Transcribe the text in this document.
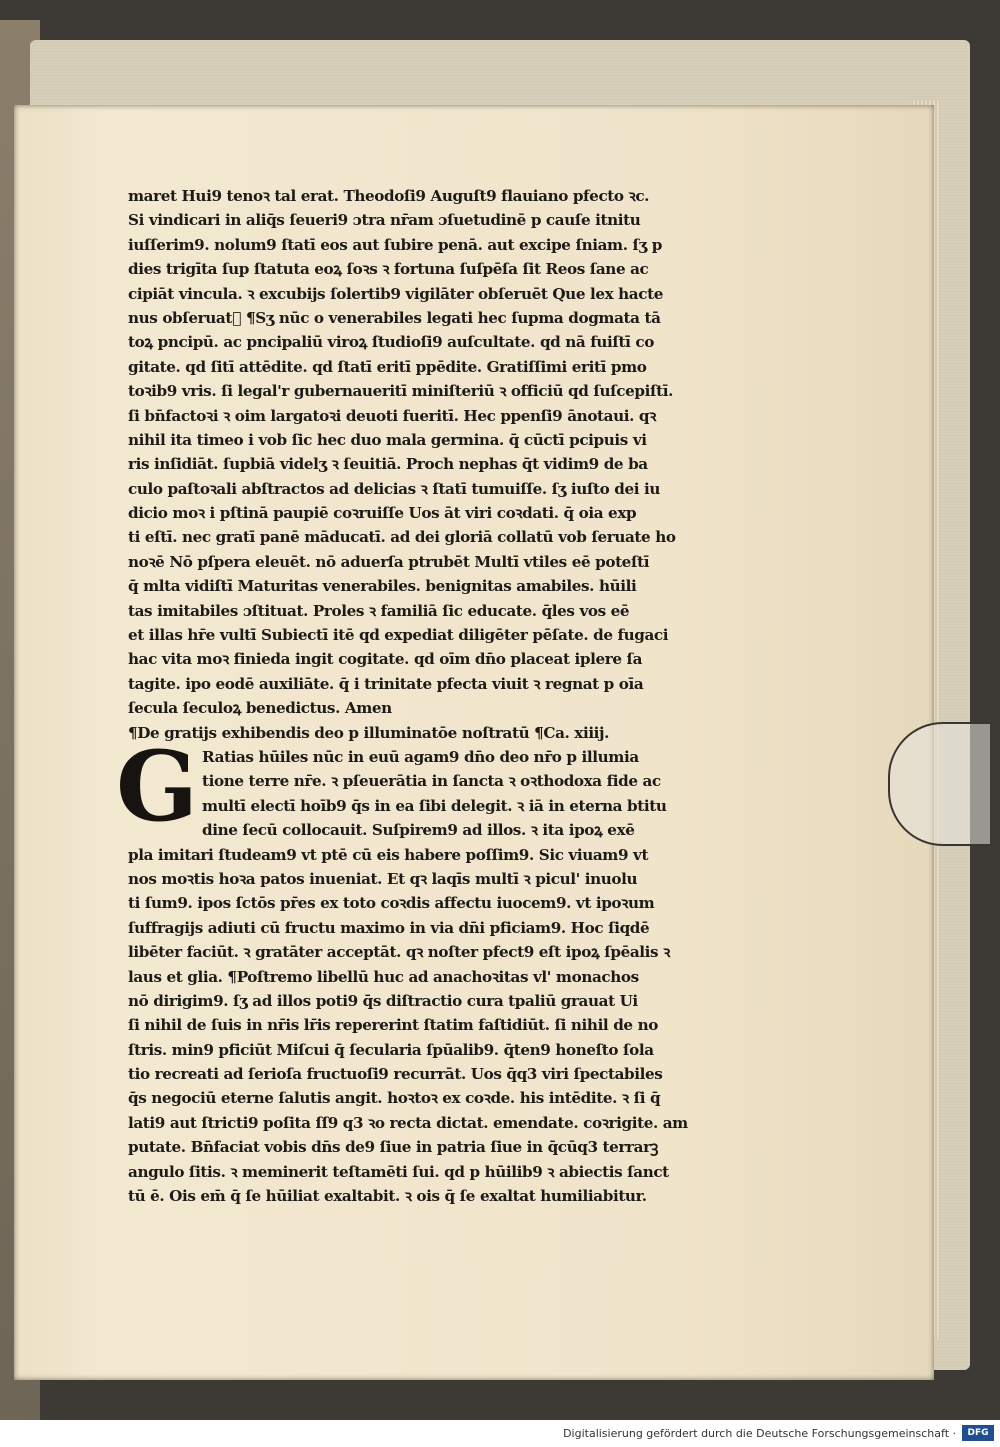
maret Hui9 tenoꝛ tal erat. Theodoſi9 Auguſt9 flauiano pfecto ꝛc.

Si vindicari in aliq̄s ſeueri9 ɔtra nr̄am ɔſuetudinē p cauſe itnitu

iuſſerim9. nolum9 ſtatī eos aut ſubire penā. aut excipe ſniam. ſʒ p

dies trigīta ſup ſtatuta eoꝝ ſoꝛs ꝛ fortuna ſuſpēſa ſit Reos ſane ac

cipiāt vincula. ꝛ excubijs ſolertib9 vigilāter obſeruēt Que lex hacte

nus obſeruatᷓ ¶Sʒ nūc o venerabiles legati hec ſupma dogmata tā

toꝝ pncipū. ac pncipaliū viroꝝ ſtudioſi9 auſcultate. qd nā fuiſtī co

gitate. qd ſitī attēdite. qd ſtatī eritī ppēdite. Gratiſſimi eritī pmo

toꝛib9 vris. ſi legal'r gubernaueritī miniſteriū ꝛ officiū qd ſuſcepiſtī.

ſi bn̄factoꝛi ꝛ oim largatoꝛi deuoti fueritī. Hec ppenſi9 ānotaui. qꝛ

nihil ita timeo i vob ſic hec duo mala germina. q̄ cūctī pcipuis vi

ris inſidiāt. ſupbiā videlʒ ꝛ ſeuitiā. Proch nephas q̄t vidim9 de ba

culo paſtoꝛali abſtractos ad delicias ꝛ ſtatī tumuiſſe. ſʒ iuſto dei iu

dicio moꝛ i pſtinā paupiē coꝛruiſſe Uos āt viri coꝛdati. q̄ oia exp

ti eſtī. nec gratī panē māducatī. ad dei gloriā collatū vob ſeruate ho

noꝛē Nō pſpera eleuēt. nō aduerſa ptrubēt Multī vtiles eē poteſtī

q̄ mlta vidiſtī Maturitas venerabiles. benignitas amabiles. hūili

tas imitabiles ɔſtituat. Proles ꝛ familiā ſic educate. q̄les vos eē

et illas hr̄e vultī Subiectī itē qd expediat diligēter pēſate. de fugaci

hac vita moꝛ finieda ingit cogitate. qd oīm dn̄o placeat iplere ſa

tagite. ipo eodē auxiliāte. q̄ i trinitate pfecta viuit ꝛ regnat p oīa

ſecula ſeculoꝝ benedictus. Amen

¶De gratijs exhibendis deo p illuminatōe noſtratū ¶Ca. xiiij.

Ratias hūiles nūc in euū agam9 dn̄o deo nr̄o p illumia

tione terre nr̄e. ꝛ pſeuerātia in ſancta ꝛ oꝛthodoxa fide ac

multī electī hoīb9 q̄s in ea ſibi delegit. ꝛ iā in eterna btitu

dine ſecū collocauit. Suſpirem9 ad illos. ꝛ ita ipoꝝ exē

pla imitari ſtudeam9 vt ptē cū eis habere poſſim9. Sic viuam9 vt

nos moꝛtis hoꝛa patos inueniat. Et qꝛ laqīs multī ꝛ picul' inuolu

ti ſum9. ipos ſctōs pr̄es ex toto coꝛdis affectu iuocem9. vt ipoꝛum

ſuffragijs adiuti cū fructu maximo in via dn̄i pficiam9. Hoc ſiqdē

libēter faciūt. ꝛ gratāter acceptāt. qꝛ noſter pfect9 eſt ipoꝝ ſpēalis ꝛ

laus et glia. ¶Poſtremo libellū huc ad anachoꝛitas vl' monachos

nō dirigim9. ſʒ ad illos poti9 q̄s diſtractio cura tpaliū grauat Ui

ſi nihil de ſuis in nr̄is lr̄is repererint ſtatim faſtidiūt. ſi nihil de no

ſtris. min9 pficiūt Miſcui q̄ ſecularia ſpūalib9. q̄ten9 honeſto ſola

tio recreati ad ſerioſa fructuoſi9 recurrāt. Uos q̄q3 viri ſpectabiles

q̄s negociū eterne ſalutis angit. hoꝛtoꝛ ex coꝛde. his intēdite. ꝛ ſi q̄

lati9 aut ſtricti9 poſita ſſ9 q3 ꝛo recta dictat. emendate. coꝛrigite. am

putate. Bn̄faciat vobis dn̄s de9 ſiue in patria ſiue in q̄cūq3 terrarꝫ

angulo ſitis. ꝛ meminerit teſtamēti ſui. qd p hūilib9 ꝛ abiectis ſanct

tū ē. Ois em̄ q̄ ſe hūiliat exaltabit. ꝛ ois q̄ ſe exaltat humiliabitur.

G
Digitalisierung gefördert durch die Deutsche Forschungsgemeinschaft ·	DFG
